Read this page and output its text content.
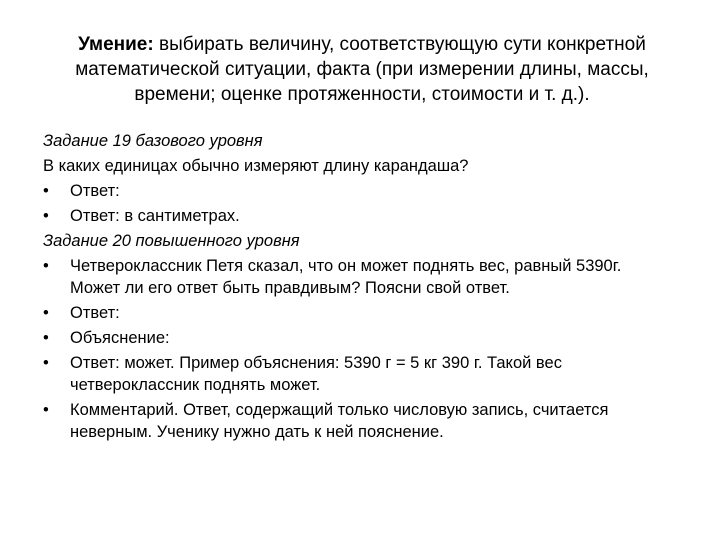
Умение: выбирать величину, соответствующую сути конкретной
математической ситуации, факта (при измерении длины, массы,
времени; оценке протяженности, стоимости и т. д.).
Задание 19 базового уровня
В каких единицах обычно измеряют длину карандаша?
• Ответ:
• Ответ: в сантиметрах.
Задание 20 повышенного уровня
• Четвероклассник Петя сказал, что он может поднять вес, равный 5390г.
Может ли его ответ быть правдивым? Поясни свой ответ.
• Ответ:
• Объяснение:
• Ответ: может. Пример объяснения: 5390 г = 5 кг 390 г. Такой вес
четвероклассник поднять может.
• Комментарий. Ответ, содержащий только числовую запись, считается
неверным. Ученику нужно дать к ней пояснение.
